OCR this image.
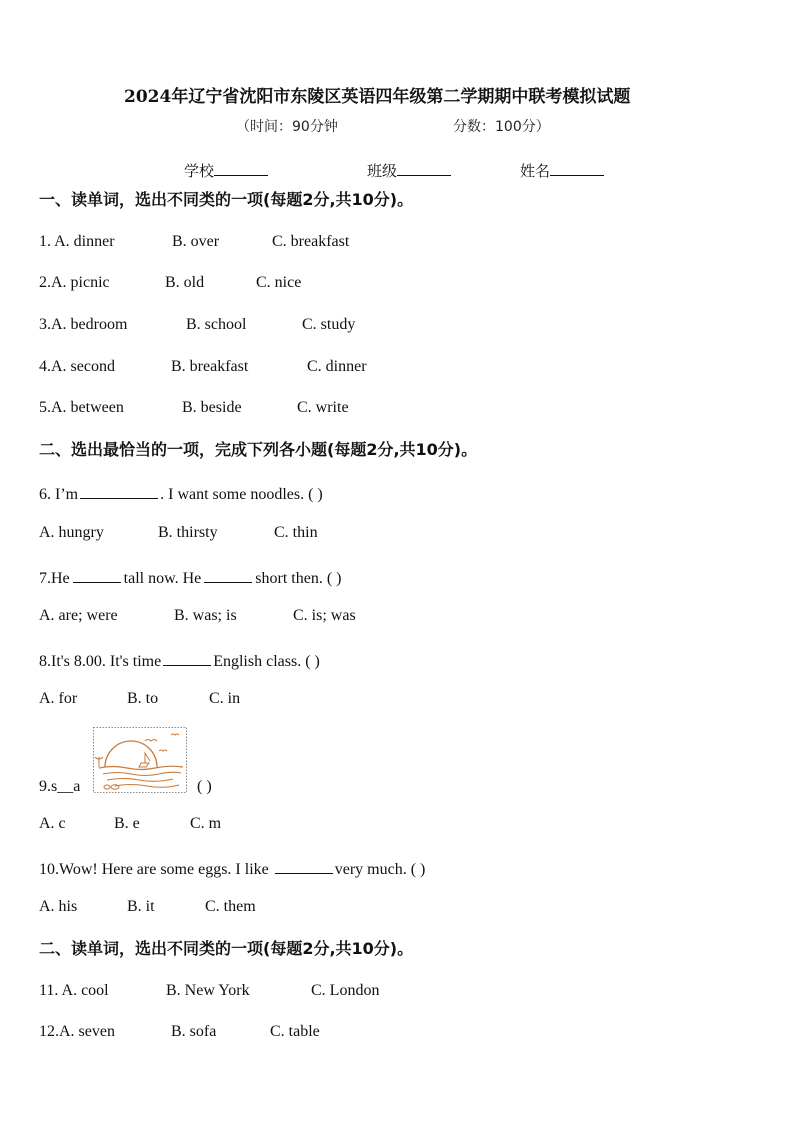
2024年辽宁省沈阳市东陵区英语四年级第二学期期中联考模拟试题
（时间：90分钟	分数：100分）
学校	班级	姓名
一、读单词，选出不同类的一项(每题2分,共10分)。
1. A. dinner	B. over	C. breakfast
2.A. picnic	B. old	C. nice
3.A. bedroom	B. school	C. study
4.A. second	B. breakfast	C. dinner
5.A. between	B. beside	C. write
二、选出最恰当的一项，完成下列各小题(每题2分,共10分)。
6. I’m	. I want some noodles. ( )
A. hungry	B. thirsty	C. thin
7.He	tall now. He	short then. ( )
A. are; were	B. was; is	C. is; was
8.It's 8.00. It's time	English class. ( )
A. for	B. to	C. in
9.s__a	( )
A. c	B. e	C. m
10.Wow! Here are some eggs. I like	very much. ( )
A. his	B. it	C. them
二、读单词，选出不同类的一项(每题2分,共10分)。
11. A. cool	B. New York	C. London
12.A. seven	B. sofa	C. table
